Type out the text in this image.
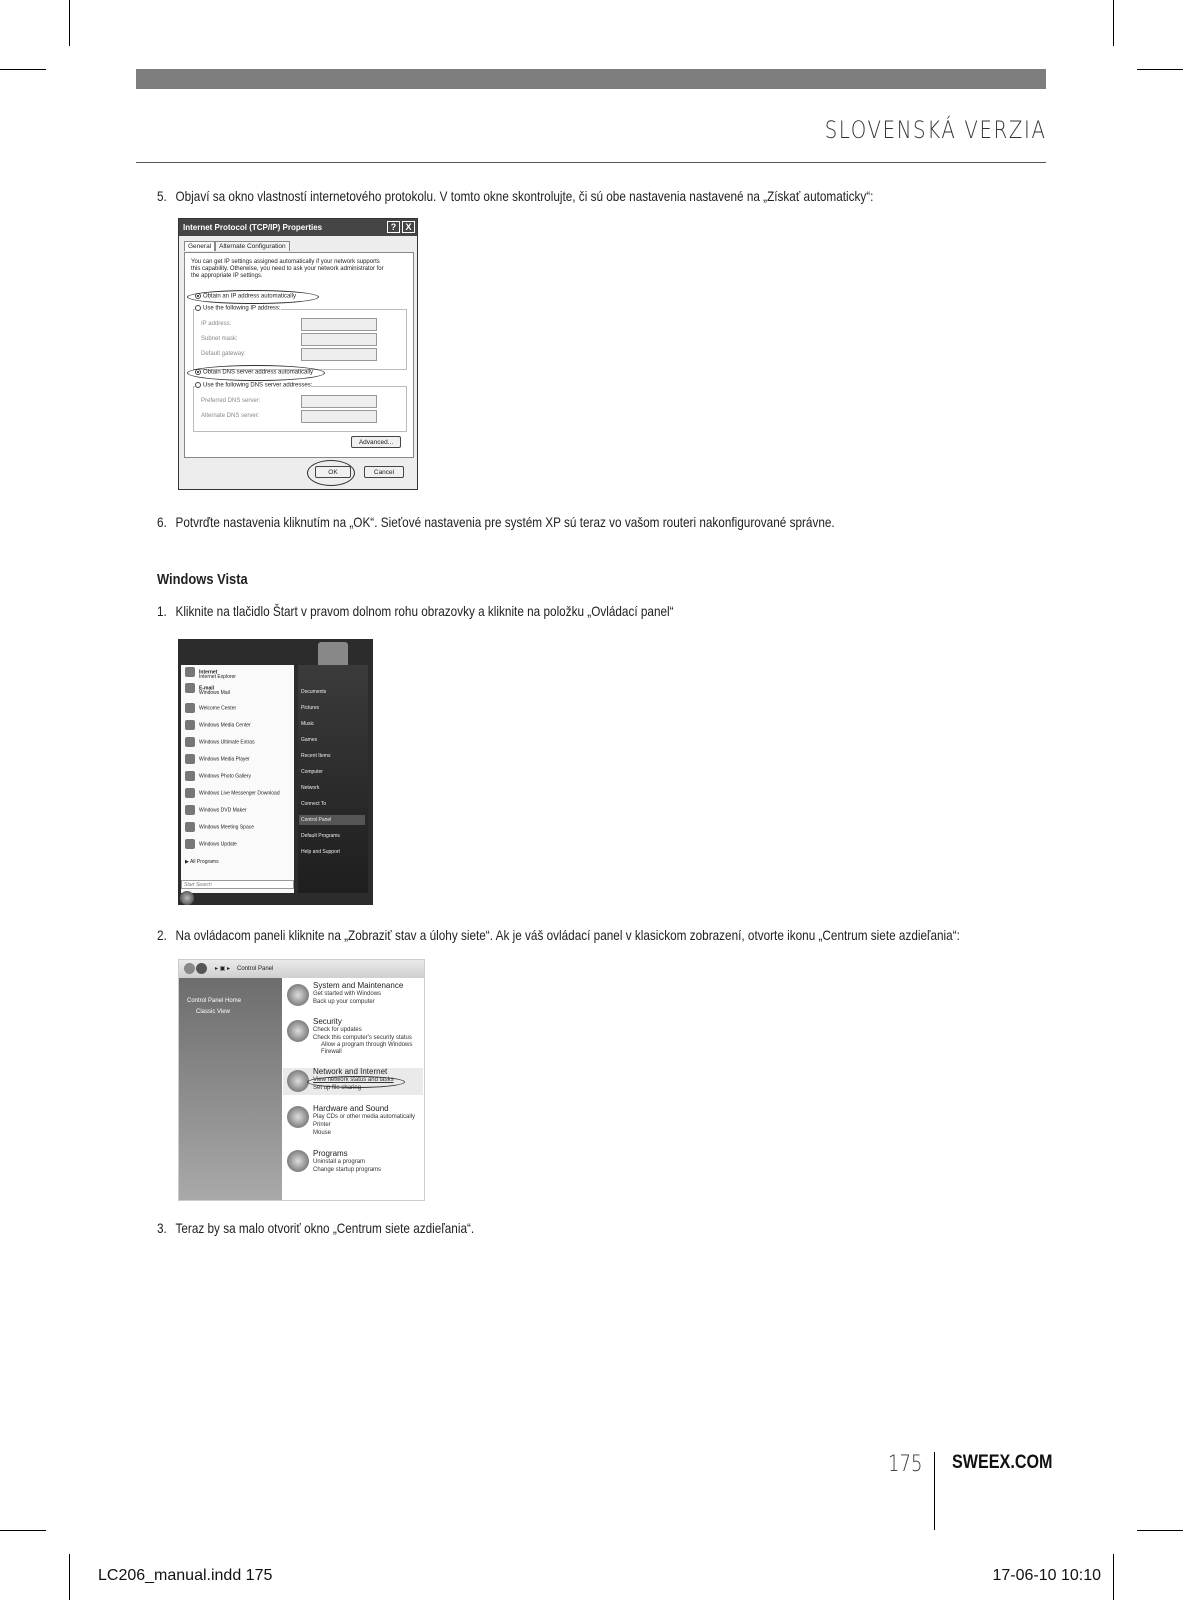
SLOVENSKÁ VERZIA
5. Objaví sa okno vlastností internetového protokolu. V tomto okne skontrolujte, či sú obe nastavenia nastavené na „Získať automaticky“:
Internet Protocol (TCP/IP) Properties	?	X
General Alternate Configuration
You can get IP settings assigned automatically if your network supports
this capability. Otherwise, you need to ask your network administrator for
the appropriate IP settings.
Obtain an IP address automatically
Use the following IP address:
IP address:
Subnet mask:
Default gateway:
Obtain DNS server address automatically
Use the following DNS server addresses:
Preferred DNS server:
Alternate DNS server:
Advanced...
OK	Cancel
6. Potvrďte nastavenia kliknutím na „OK“. Sieťové nastavenia pre systém XP sú teraz vo vašom routeri nakonfigurované správne.
Windows Vista
1. Kliknite na tlačidlo Štart v pravom dolnom rohu obrazovky a kliknite na položku „Ovládací panel“
Internet
Internet Explorer
E-mail
Windows Mail
Welcome Center
Windows Media Center
Windows Ultimate Extras
Windows Media Player
Windows Photo Gallery
Windows Live Messenger Download
Windows DVD Maker
Windows Meeting Space
Windows Update
▶ All Programs
Start Search
Documents
Pictures
Music
Games
Recent Items
Computer
Network
Connect To
Control Panel
Default Programs
Help and Support
2. Na ovládacom paneli kliknite na „Zobraziť stav a úlohy siete“. Ak je váš ovládací panel v klasickom zobrazení, otvorte ikonu „Centrum siete azdieľania“:
▸ ▣ ▸ Control Panel
Control Panel Home
Classic View
System and Maintenance
Get started with Windows
Back up your computer
Security
Check for updates
Check this computer's security status
Allow a program through Windows Firewall
Network and Internet
View network status and tasks
Set up file sharing
Hardware and Sound
Play CDs or other media automatically
Printer
Mouse
Programs
Uninstall a program
Change startup programs
3. Teraz by sa malo otvoriť okno „Centrum siete azdieľania“.
175 SWEEX.COM
LC206_manual.indd 175	17-06-10 10:10
